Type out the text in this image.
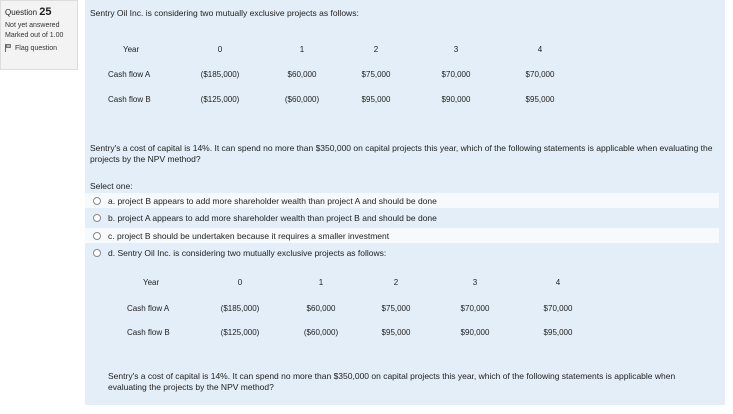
Question 25
Not yet answered
Marked out of 1.00
Flag question
Sentry Oil Inc. is considering two mutually exclusive projects as follows:
Year	0	1	2	3	4
Cash flow A	($185,000)	$60,000	$75,000	$70,000	$70,000
Cash flow B	($125,000)	($60,000)	$95,000	$90,000	$95,000
Sentry's a cost of capital is 14%. It can spend no more than $350,000 on capital projects this year, which of the following statements is applicable when evaluating the projects by the NPV method?
Select one:
a. project B appears to add more shareholder wealth than project A and should be done
b. project A appears to add more shareholder wealth than project B and should be done
c. project B should be undertaken because it requires a smaller investment
d. Sentry Oil Inc. is considering two mutually exclusive projects as follows:
Year	0	1	2	3	4
Cash flow A	($185,000)	$60,000	$75,000	$70,000	$70,000
Cash flow B	($125,000)	($60,000)	$95,000	$90,000	$95,000
Sentry's a cost of capital is 14%. It can spend no more than $350,000 on capital projects this year, which of the following statements is applicable when evaluating the projects by the NPV method?
